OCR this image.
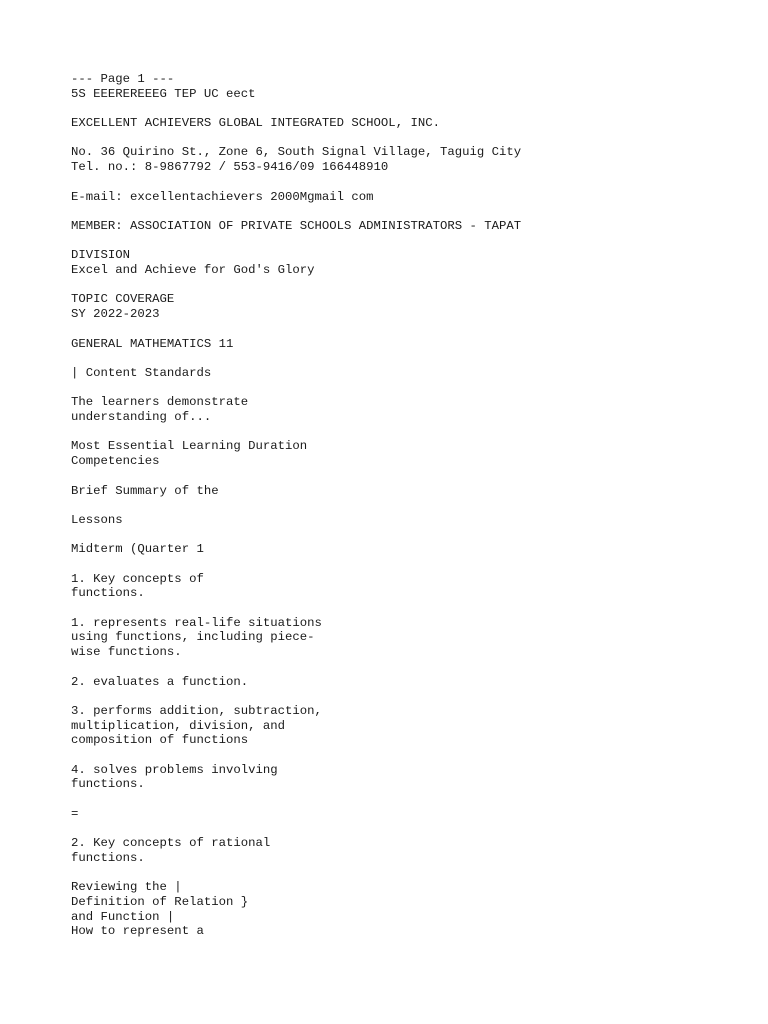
--- Page 1 ---
5S EEEREREEEG TEP UC eect
EXCELLENT ACHIEVERS GLOBAL INTEGRATED SCHOOL, INC.
No. 36 Quirino St., Zone 6, South Signal Village, Taguig City
Tel. no.: 8-9867792 / 553-9416/09 166448910
E-mail: excellentachievers 2000Mgmail com
MEMBER: ASSOCIATION OF PRIVATE SCHOOLS ADMINISTRATORS - TAPAT
DIVISION
Excel and Achieve for God's Glory
TOPIC COVERAGE
SY 2022-2023
GENERAL MATHEMATICS 11
| Content Standards
The learners demonstrate
understanding of...
Most Essential Learning Duration
Competencies
Brief Summary of the
Lessons
Midterm (Quarter 1
1. Key concepts of
functions.
1. represents real-life situations
using functions, including piece-
wise functions.
2. evaluates a function.
3. performs addition, subtraction,
multiplication, division, and
composition of functions
4. solves problems involving
functions.
=
2. Key concepts of rational
functions.
Reviewing the |
Definition of Relation }
and Function |
How to represent a
